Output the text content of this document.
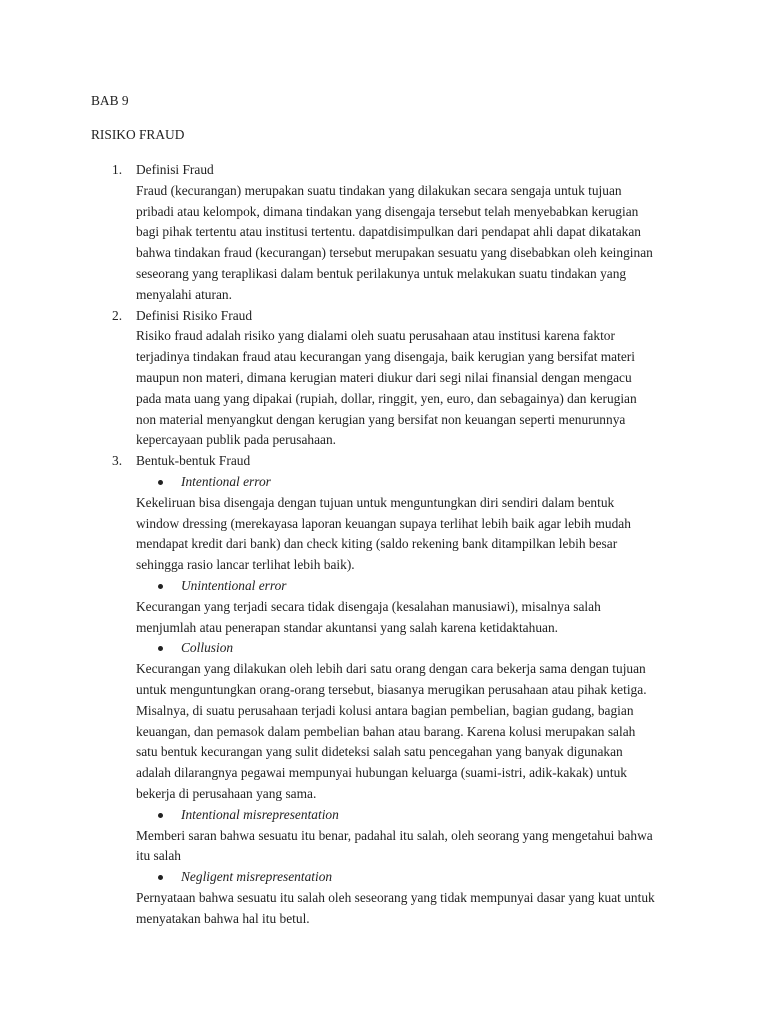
BAB 9
RISIKO FRAUD
1. Definisi Fraud

Fraud (kecurangan) merupakan suatu tindakan yang dilakukan secara sengaja untuk tujuan pribadi atau kelompok, dimana tindakan yang disengaja tersebut telah menyebabkan kerugian bagi pihak tertentu atau institusi tertentu. dapatdisimpulkan dari pendapat ahli dapat dikatakan bahwa tindakan fraud (kecurangan) tersebut merupakan sesuatu yang disebabkan oleh keinginan seseorang yang teraplikasi dalam bentuk perilakunya untuk melakukan suatu tindakan yang menyalahi aturan.

2. Definisi Risiko Fraud

Risiko fraud adalah risiko yang dialami oleh suatu perusahaan atau institusi karena faktor terjadinya tindakan fraud atau kecurangan yang disengaja, baik kerugian yang bersifat materi maupun non materi, dimana kerugian materi diukur dari segi nilai finansial dengan mengacu pada mata uang yang dipakai (rupiah, dollar, ringgit, yen, euro, dan sebagainya) dan kerugian non material menyangkut dengan kerugian yang bersifat non keuangan seperti menurunnya kepercayaan publik pada perusahaan.

3. Bentuk-bentuk Fraud

Intentional error

Kekeliruan bisa disengaja dengan tujuan untuk menguntungkan diri sendiri dalam bentuk window dressing (merekayasa laporan keuangan supaya terlihat lebih baik agar lebih mudah mendapat kredit dari bank) dan check kiting (saldo rekening bank ditampilkan lebih besar sehingga rasio lancar terlihat lebih baik).

Unintentional error

Kecurangan yang terjadi secara tidak disengaja (kesalahan manusiawi), misalnya salah menjumlah atau penerapan standar akuntansi yang salah karena ketidaktahuan.

Collusion

Kecurangan yang dilakukan oleh lebih dari satu orang dengan cara bekerja sama dengan tujuan untuk menguntungkan orang-orang tersebut, biasanya merugikan perusahaan atau pihak ketiga. Misalnya, di suatu perusahaan terjadi kolusi antara bagian pembelian, bagian gudang, bagian keuangan, dan pemasok dalam pembelian bahan atau barang. Karena kolusi merupakan salah satu bentuk kecurangan yang sulit dideteksi salah satu pencegahan yang banyak digunakan adalah dilarangnya pegawai mempunyai hubungan keluarga (suami-istri, adik-kakak) untuk bekerja di perusahaan yang sama.

Intentional misrepresentation

Memberi saran bahwa sesuatu itu benar, padahal itu salah, oleh seorang yang mengetahui bahwa itu salah

Negligent misrepresentation

Pernyataan bahwa sesuatu itu salah oleh seseorang yang tidak mempunyai dasar yang kuat untuk menyatakan bahwa hal itu betul.
